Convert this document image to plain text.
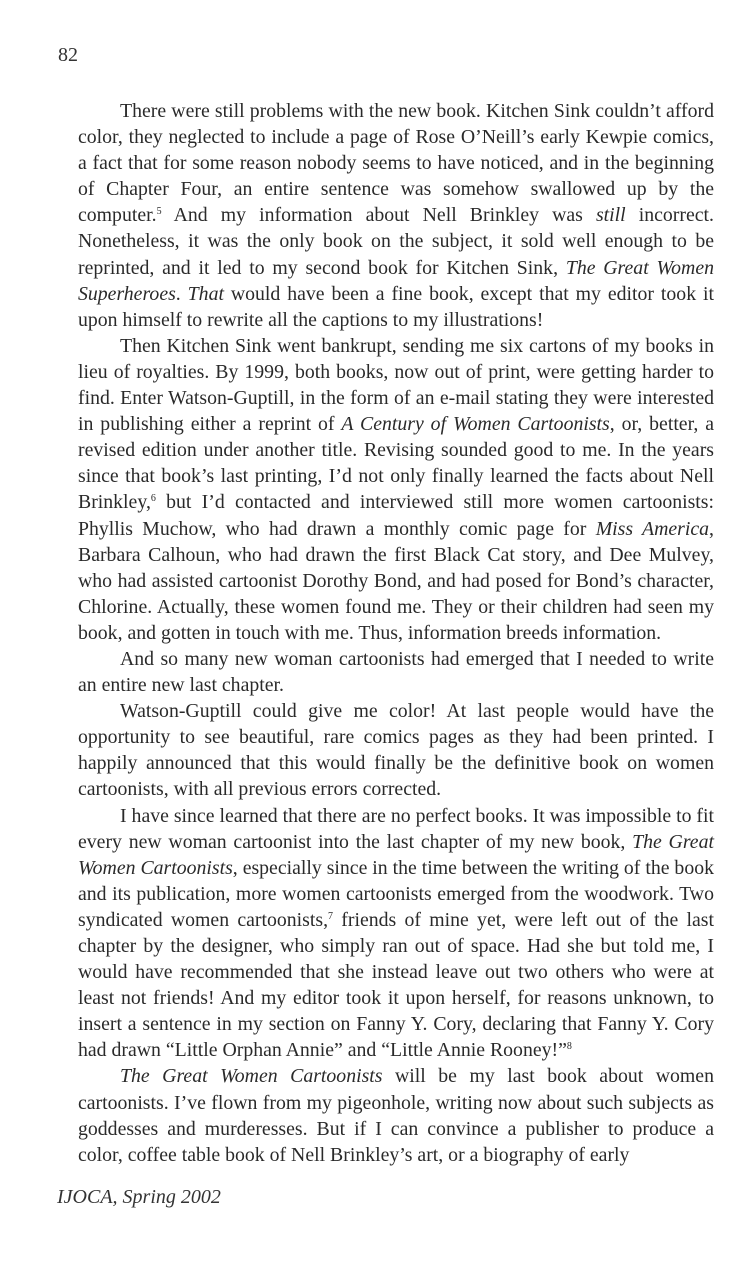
82

There were still problems with the new book. Kitchen Sink couldn’t afford color, they neglected to include a page of Rose O’Neill’s early Kewpie comics, a fact that for some reason nobody seems to have noticed, and in the beginning of Chapter Four, an entire sentence was somehow swallowed up by the computer.$^5$ And my information about Nell Brinkley was still incorrect. Nonetheless, it was the only book on the subject, it sold well enough to be reprinted, and it led to my second book for Kitchen Sink, The Great Women Superheroes. That would have been a fine book, except that my editor took it upon himself to rewrite all the captions to my illustrations!

Then Kitchen Sink went bankrupt, sending me six cartons of my books in lieu of royalties. By 1999, both books, now out of print, were getting harder to find. Enter Watson-Guptill, in the form of an e-mail stating they were interested in publishing either a reprint of A Century of Women Cartoonists, or, better, a revised edition under another title. Revising sounded good to me. In the years since that book’s last printing, I’d not only finally learned the facts about Nell Brinkley,$^6$ but I’d contacted and interviewed still more women cartoonists: Phyllis Muchow, who had drawn a monthly comic page for Miss America, Barbara Calhoun, who had drawn the first Black Cat story, and Dee Mulvey, who had assisted cartoonist Dorothy Bond, and had posed for Bond’s character, Chlorine. Actually, these women found me. They or their children had seen my book, and gotten in touch with me. Thus, information breeds information.

And so many new woman cartoonists had emerged that I needed to write an entire new last chapter.

Watson-Guptill could give me color! At last people would have the opportunity to see beautiful, rare comics pages as they had been printed. I happily announced that this would finally be the definitive book on women cartoonists, with all previous errors corrected.

I have since learned that there are no perfect books. It was impossible to fit every new woman cartoonist into the last chapter of my new book, The Great Women Cartoonists, especially since in the time between the writing of the book and its publication, more women cartoonists emerged from the woodwork. Two syndicated women cartoonists,$^7$ friends of mine yet, were left out of the last chapter by the designer, who simply ran out of space. Had she but told me, I would have recommended that she instead leave out two others who were at least not friends! And my editor took it upon herself, for reasons unknown, to insert a sentence in my section on Fanny Y. Cory, declaring that Fanny Y. Cory had drawn “Little Orphan Annie” and “Little Annie Rooney!”$^8$

The Great Women Cartoonists will be my last book about women cartoonists. I’ve flown from my pigeonhole, writing now about such subjects as goddesses and murderesses. But if I can convince a publisher to produce a color, coffee table book of Nell Brinkley’s art, or a biography of early

IJOCA, Spring 2002
